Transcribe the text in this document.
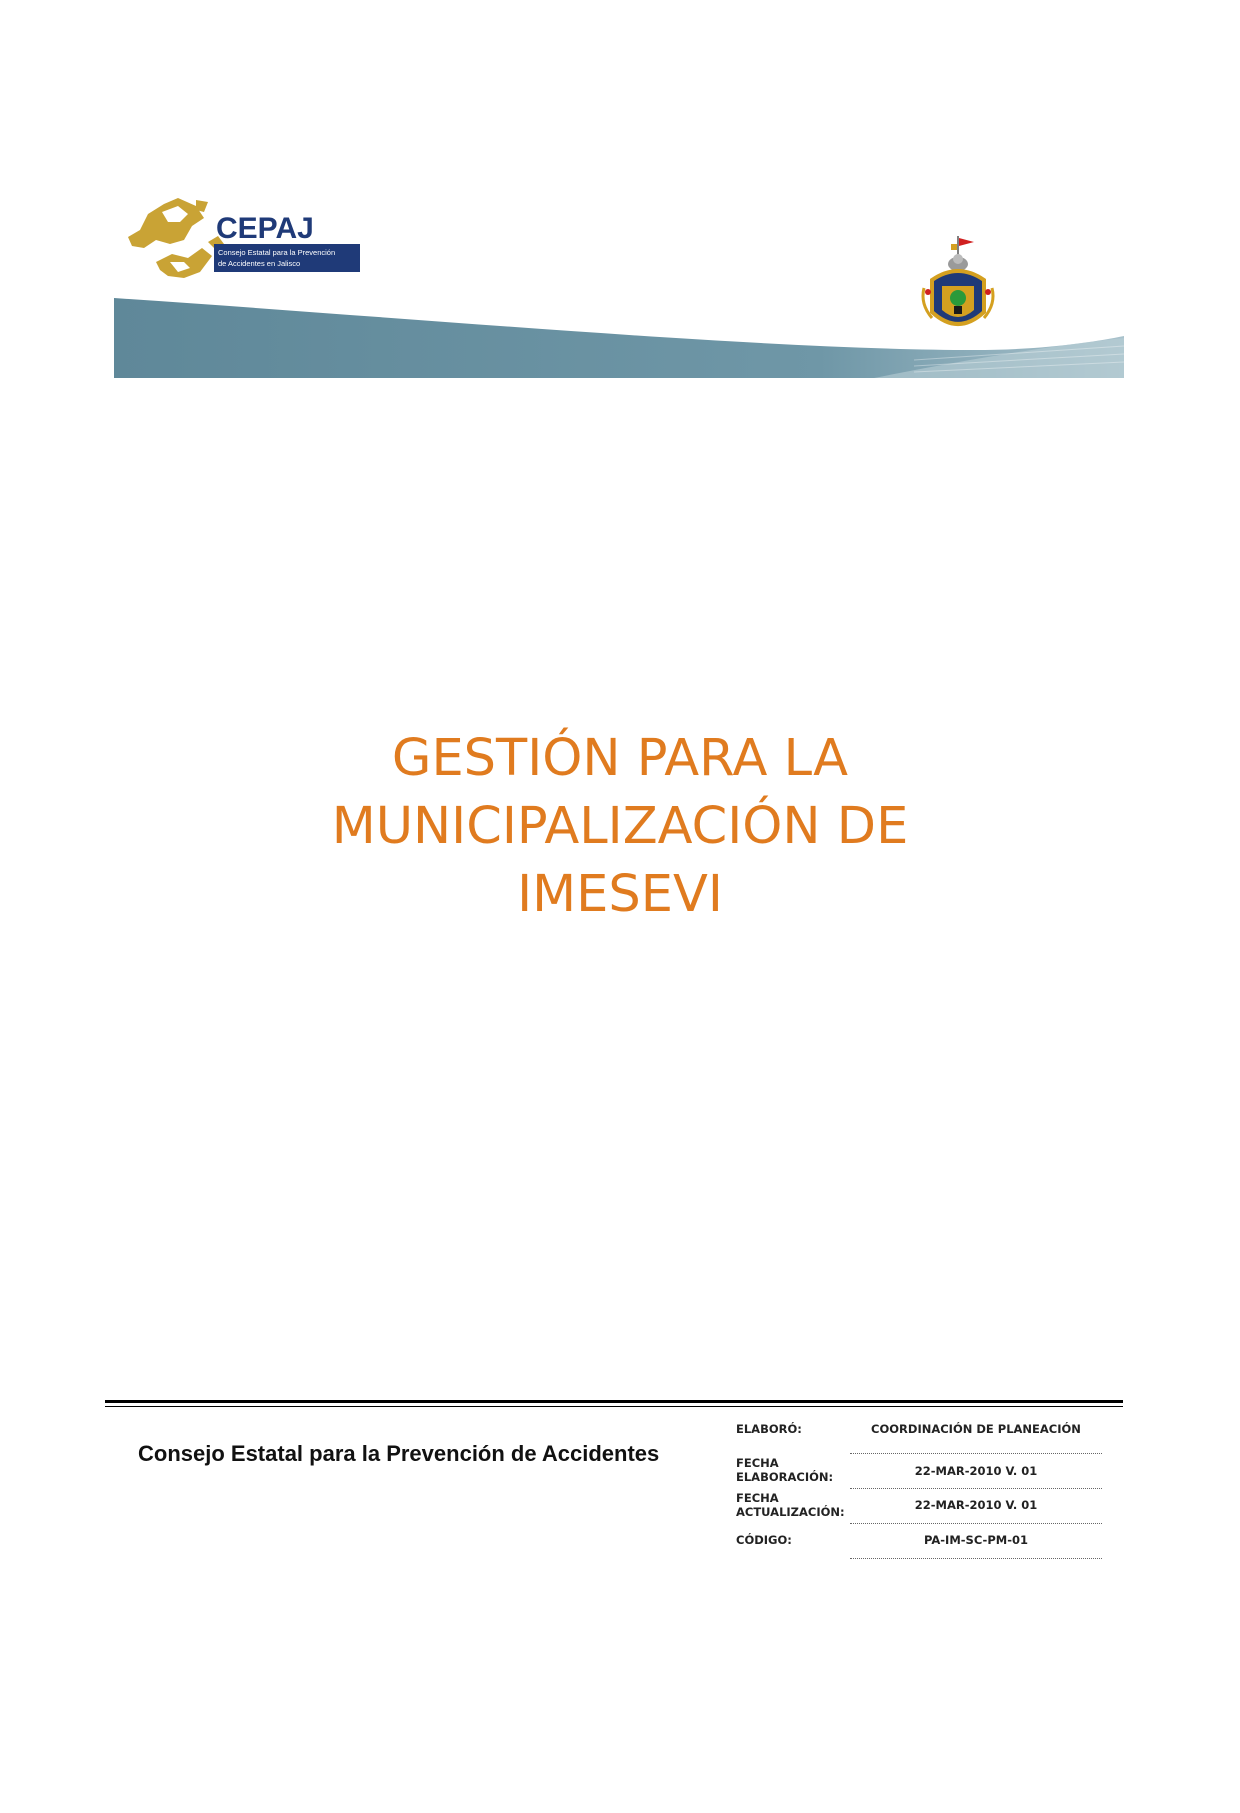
CEPAJ
Consejo Estatal para la Prevención
de Accidentes en Jalisco
GESTIÓN PARA LA
MUNICIPALIZACIÓN DE
IMESEVI

Consejo Estatal para la Prevención de Accidentes

ELABORÓ:	COORDINACIÓN DE PLANEACIÓN
FECHA
ELABORACIÓN:	22-MAR-2010 V. 01
FECHA
ACTUALIZACIÓN:	22-MAR-2010 V. 01
CÓDIGO:	PA-IM-SC-PM-01
